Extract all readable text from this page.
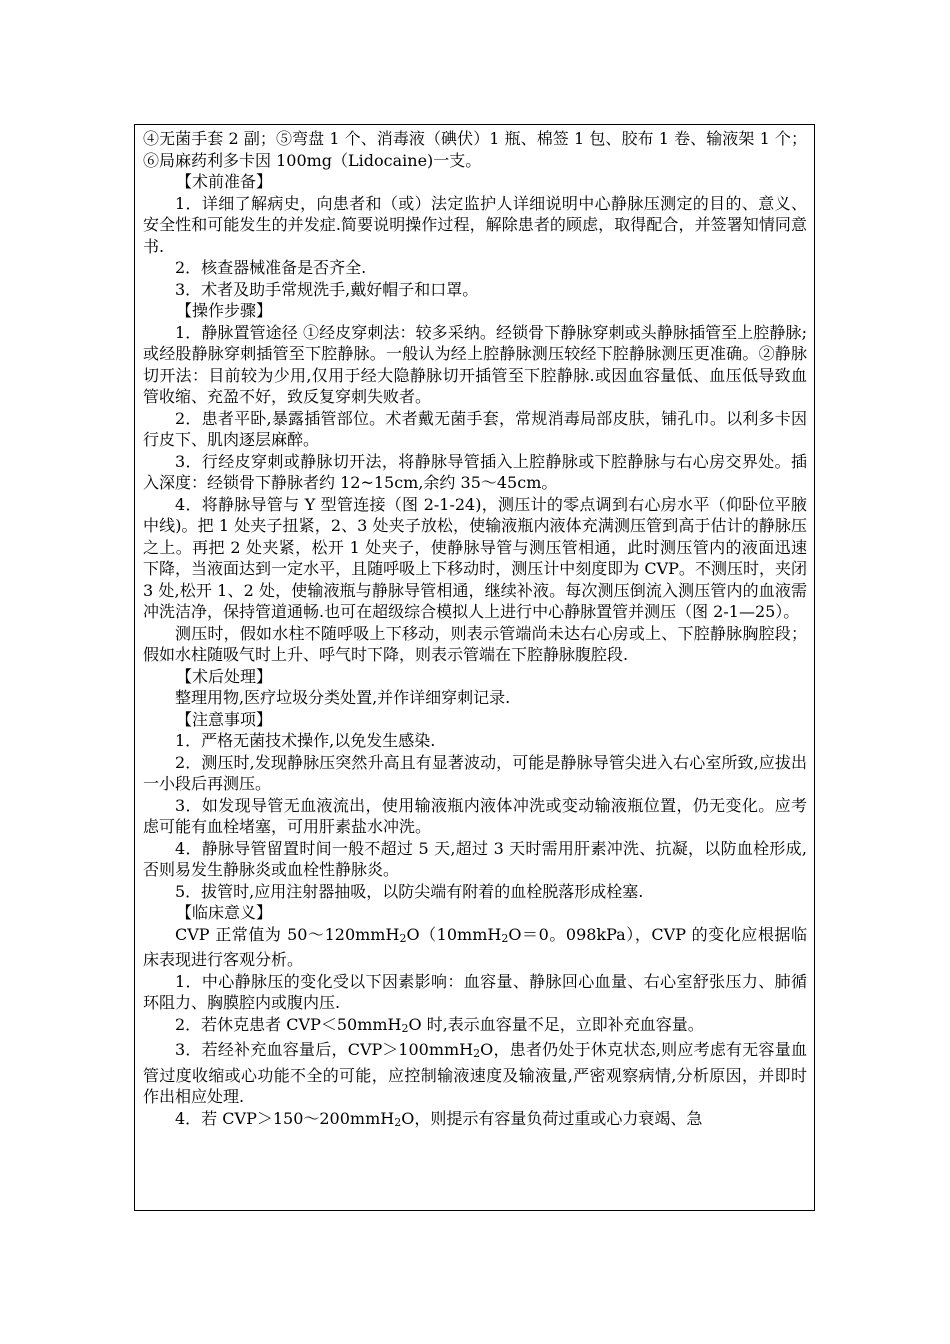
④无菌手套 2 副；⑤弯盘 1 个、消毒液（碘伏）1 瓶、棉签 1 包、胶布 1 卷、输液架 1 个；⑥局麻药利多卡因 100mg（Lidocaine)一支。

【术前准备】

1．详细了解病史，向患者和（或）法定监护人详细说明中心静脉压测定的目的、意义、安全性和可能发生的并发症.简要说明操作过程，解除患者的顾虑，取得配合，并签署知情同意书.

2．核查器械准备是否齐全.

3．术者及助手常规洗手,戴好帽子和口罩。

【操作步骤】

1．静脉置管途径 ①经皮穿刺法：较多采纳。经锁骨下静脉穿刺或头静脉插管至上腔静脉;或经股静脉穿刺插管至下腔静脉。一般认为经上腔静脉测压较经下腔静脉测压更准确。②静脉切开法：目前较为少用,仅用于经大隐静脉切开插管至下腔静脉.或因血容量低、血压低导致血管收缩、充盈不好，致反复穿刺失败者。

2．患者平卧,暴露插管部位。术者戴无菌手套，常规消毒局部皮肤，铺孔巾。以利多卡因行皮下、肌肉逐层麻醉。

3．行经皮穿刺或静脉切开法，将静脉导管插入上腔静脉或下腔静脉与右心房交界处。插入深度：经锁骨下静脉者约 12~15cm,余约 35～45cm。

4．将静脉导管与 Y 型管连接（图 2-1-24)，测压计的零点调到右心房水平（仰卧位平腋中线)。把 1 处夹子扭紧，2、3 处夹子放松，使输液瓶内液体充满测压管到高于估计的静脉压之上。再把 2 处夹紧，松开 1 处夹子，使静脉导管与测压管相通，此时测压管内的液面迅速下降，当液面达到一定水平，且随呼吸上下移动时，测压计中刻度即为 CVP。不测压时，夹闭 3 处,松开 1、2 处，使输液瓶与静脉导管相通，继续补液。每次测压倒流入测压管内的血液需冲洗洁净，保持管道通畅.也可在超级综合模拟人上进行中心静脉置管并测压（图 2-1—25）。

测压时，假如水柱不随呼吸上下移动，则表示管端尚未达右心房或上、下腔静脉胸腔段；假如水柱随吸气时上升、呼气时下降，则表示管端在下腔静脉腹腔段.

【术后处理】

整理用物,医疗垃圾分类处置,并作详细穿刺记录.

【注意事项】

1．严格无菌技术操作,以免发生感染.

2．测压时,发现静脉压突然升高且有显著波动，可能是静脉导管尖进入右心室所致,应拔出一小段后再测压。

3．如发现导管无血液流出，使用输液瓶内液体冲洗或变动输液瓶位置，仍无变化。应考虑可能有血栓堵塞，可用肝素盐水冲洗。

4．静脉导管留置时间一般不超过 5 天,超过 3 天时需用肝素冲洗、抗凝，以防血栓形成,否则易发生静脉炎或血栓性静脉炎。

5．拔管时,应用注射器抽吸，以防尖端有附着的血栓脱落形成栓塞.

【临床意义】

CVP 正常值为 50～120mmH2O（10mmH2O＝0。098kPa），CVP 的变化应根据临床表现进行客观分析。

1．中心静脉压的变化受以下因素影响：血容量、静脉回心血量、右心室舒张压力、肺循环阻力、胸膜腔内或腹内压.

2．若休克患者 CVP＜50mmH2O 时,表示血容量不足，立即补充血容量。

3．若经补充血容量后，CVP＞100mmH2O，患者仍处于休克状态,则应考虑有无容量血管过度收缩或心功能不全的可能，应控制输液速度及输液量,严密观察病情,分析原因，并即时作出相应处理.

4．若 CVP＞150～200mmH2O，则提示有容量负荷过重或心力衰竭、急
